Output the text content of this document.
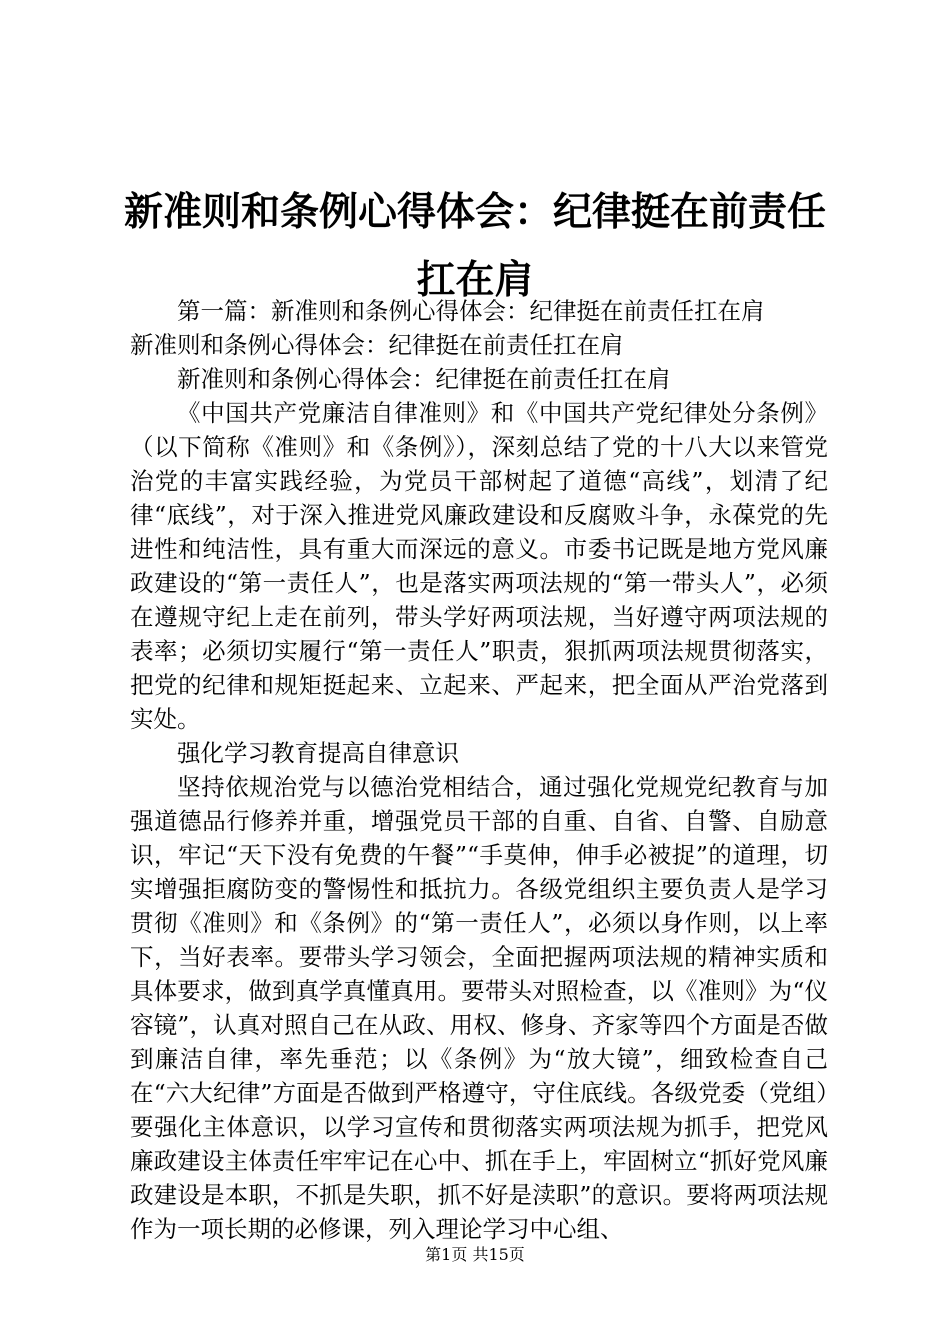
新准则和条例心得体会：纪律挺在前责任扛在肩

第一篇：新准则和条例心得体会：纪律挺在前责任扛在肩

新准则和条例心得体会：纪律挺在前责任扛在肩

新准则和条例心得体会：纪律挺在前责任扛在肩

《中国共产党廉洁自律准则》和《中国共产党纪律处分条例》（以下简称《准则》和《条例》），深刻总结了党的十八大以来管党治党的丰富实践经验，为党员干部树起了道德“高线”，划清了纪律“底线”，对于深入推进党风廉政建设和反腐败斗争，永葆党的先进性和纯洁性，具有重大而深远的意义。市委书记既是地方党风廉政建设的“第一责任人”，也是落实两项法规的“第一带头人”，必须在遵规守纪上走在前列，带头学好两项法规，当好遵守两项法规的表率；必须切实履行“第一责任人”职责，狠抓两项法规贯彻落实，把党的纪律和规矩挺起来、立起来、严起来，把全面从严治党落到实处。

强化学习教育提高自律意识

坚持依规治党与以德治党相结合，通过强化党规党纪教育与加强道德品行修养并重，增强党员干部的自重、自省、自警、自励意识，牢记“天下没有免费的午餐”“手莫伸，伸手必被捉”的道理，切实增强拒腐防变的警惕性和抵抗力。各级党组织主要负责人是学习贯彻《准则》和《条例》的“第一责任人”，必须以身作则，以上率下，当好表率。要带头学习领会，全面把握两项法规的精神实质和具体要求，做到真学真懂真用。要带头对照检查，以《准则》为“仪容镜”，认真对照自己在从政、用权、修身、齐家等四个方面是否做到廉洁自律，率先垂范；以《条例》为“放大镜”，细致检查自己在“六大纪律”方面是否做到严格遵守，守住底线。各级党委（党组）要强化主体意识，以学习宣传和贯彻落实两项法规为抓手，把党风廉政建设主体责任牢牢记在心中、抓在手上，牢固树立“抓好党风廉政建设是本职，不抓是失职，抓不好是渎职”的意识。要将两项法规作为一项长期的必修课，列入理论学习中心组、

第1页 共15页
